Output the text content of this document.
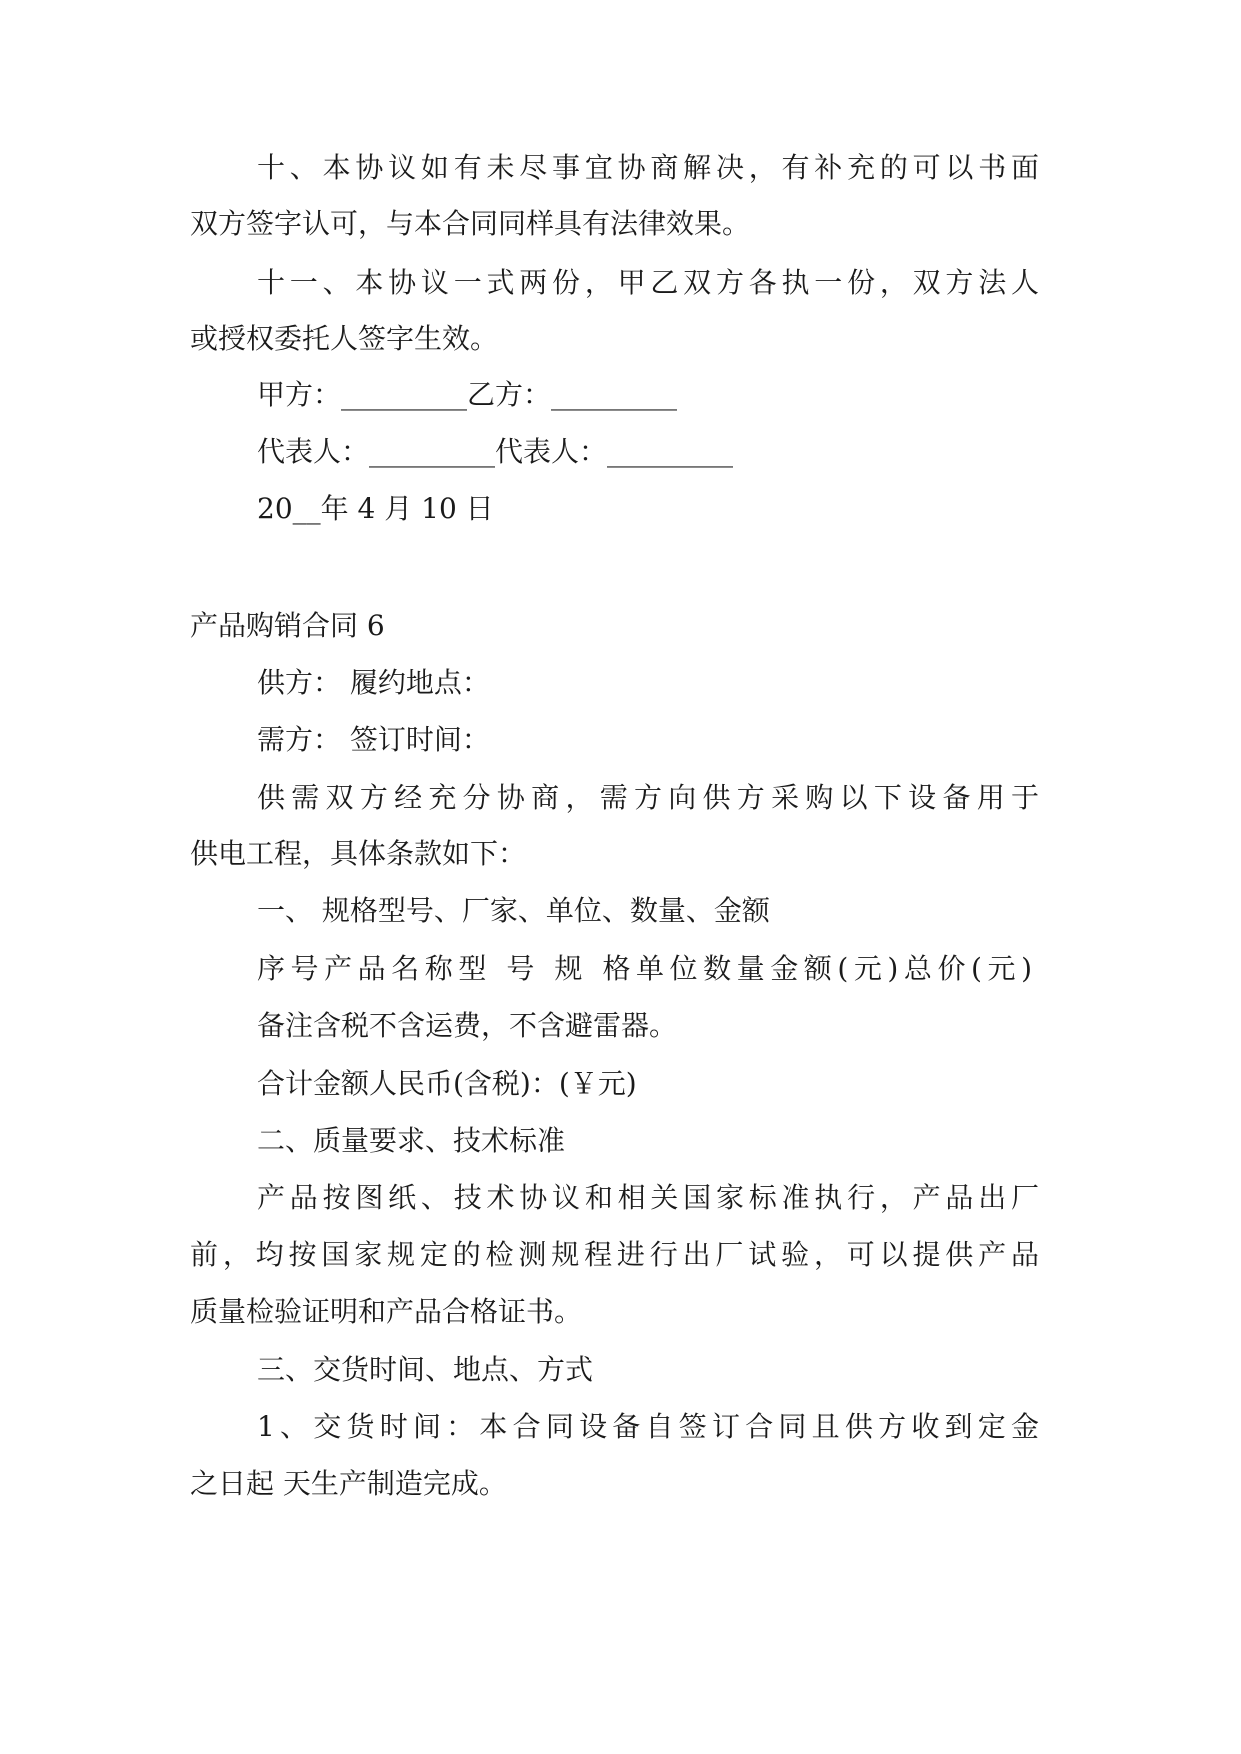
十、本协议如有未尽事宜协商解决，有补充的可以书面
双方签字认可，与本合同同样具有法律效果。
十一、本协议一式两份，甲乙双方各执一份，双方法人
或授权委托人签字生效。
甲方：_________乙方：_________
代表人：_________代表人：_________
20__年 4 月 10 日
产品购销合同 6
供方： 履约地点：
需方： 签订时间：
供需双方经充分协商，需方向供方采购以下设备用于
供电工程，具体条款如下：
一、 规格型号、厂家、单位、数量、金额
序号产品名称型 号 规 格单位数量金额(元)总价(元)
备注含税不含运费，不含避雷器。
合计金额人民币(含税)：(￥元)
二、质量要求、技术标准
产品按图纸、技术协议和相关国家标准执行，产品出厂
前，均按国家规定的检测规程进行出厂试验，可以提供产品
质量检验证明和产品合格证书。
三、交货时间、地点、方式
1、交货时间：本合同设备自签订合同且供方收到定金
之日起 天生产制造完成。
